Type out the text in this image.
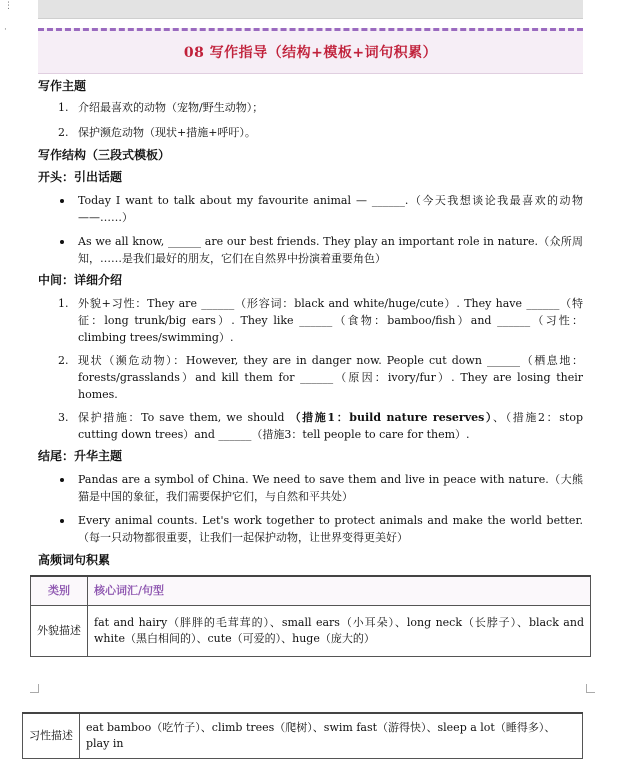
⋮
·
08 写作指导（结构+模板+词句积累）

写作主题

1. 介绍最喜欢的动物（宠物/野生动物）；
2. 保护濒危动物（现状+措施+呼吁）。

写作结构（三段式模板）

开头：引出话题

Today I want to talk about my favourite animal — ______.（今天我想谈论我最喜欢的动物——……）
As we all know, ______ are our best friends. They play an important role in nature.（众所周知，……是我们最好的朋友，它们在自然界中扮演着重要角色）

中间：详细介绍

1. 外貌+习性：They are ______（形容词：black and white/huge/cute）. They have ______（特征：long trunk/big ears）. They like ______（食物：bamboo/fish）and ______（习性：climbing trees/swimming）.
2. 现状（濒危动物）：However, they are in danger now. People cut down ______（栖息地：forests/grasslands）and kill them for ______（原因：ivory/fur）. They are losing their homes.
3. 保护措施：To save them, we should （措施1：build nature reserves）、（措施2：stop cutting down trees）and ______（措施3：tell people to care for them）.

结尾：升华主题

Pandas are a symbol of China. We need to save them and live in peace with nature.（大熊猫是中国的象征，我们需要保护它们，与自然和平共处）
Every animal counts. Let's work together to protect animals and make the world better.（每一只动物都很重要，让我们一起保护动物，让世界变得更美好）

高频词句积累

类别	核心词汇/句型
外貌描述	fat and hairy（胖胖的毛茸茸的）、small ears（小耳朵）、long neck（长脖子）、black and white（黑白相间的）、cute（可爱的）、huge（庞大的）
习性描述	eat bamboo（吃竹子）、climb trees（爬树）、swim fast（游得快）、sleep a lot（睡得多）、play in
